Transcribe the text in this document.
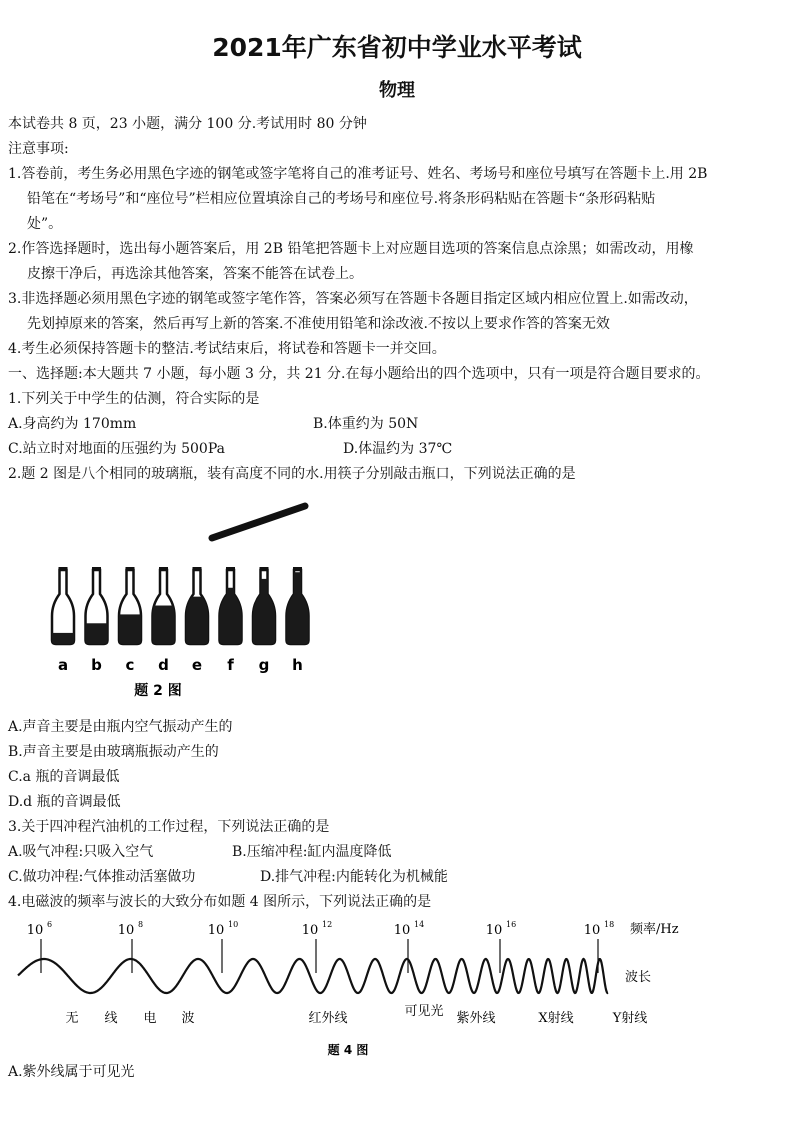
2021年广东省初中学业水平考试
物理
本试卷共 8 页，23 小题，满分 100 分.考试用时 80 分钟
注意事项:
1.答卷前，考生务必用黑色字迹的钢笔或签字笔将自己的准考证号、姓名、考场号和座位号填写在答题卡上.用 2B
铅笔在“考场号”和“座位号”栏相应位置填涂自己的考场号和座位号.将条形码粘贴在答题卡“条形码粘贴
处”。
2.作答选择题时，选出每小题答案后，用 2B 铅笔把答题卡上对应题目选项的答案信息点涂黑；如需改动，用橡
皮擦干净后，再选涂其他答案，答案不能答在试卷上。
3.非选择题必须用黑色字迹的钢笔或签字笔作答，答案必须写在答题卡各题目指定区域内相应位置上.如需改动，
先划掉原来的答案，然后再写上新的答案.不准使用铅笔和涂改液.不按以上要求作答的答案无效
4.考生必须保持答题卡的整洁.考试结束后，将试卷和答题卡一并交回。
一、选择题:本大题共 7 小题，每小题 3 分，共 21 分.在每小题给出的四个选项中，只有一项是符合题目要求的。
1.下列关于中学生的估测，符合实际的是
A.身高约为 170mm	B.体重约为 50N
C.站立时对地面的压强约为 500Pa	D.体温约为 37℃
2.题 2 图是八个相同的玻璃瓶，装有高度不同的水.用筷子分别敲击瓶口，下列说法正确的是
a b c d e f g h
题 2 图
A.声音主要是由瓶内空气振动产生的
B.声音主要是由玻璃瓶振动产生的
C.a 瓶的音调最低
D.d 瓶的音调最低
3.关于四冲程汽油机的工作过程，下列说法正确的是
A.吸气冲程:只吸入空气	B.压缩冲程:缸内温度降低
C.做功冲程:气体推动活塞做功	D.排气冲程:内能转化为机械能
4.电磁波的频率与波长的大致分布如题 4 图所示，下列说法正确的是
10 6	10 8	10 10	10 12	10 14	10 16	10 18 频率/Hz
波长
无 线 电 波	红外线	可见光 紫外线	X射线	Y射线
题 4 图
A.紫外线属于可见光
